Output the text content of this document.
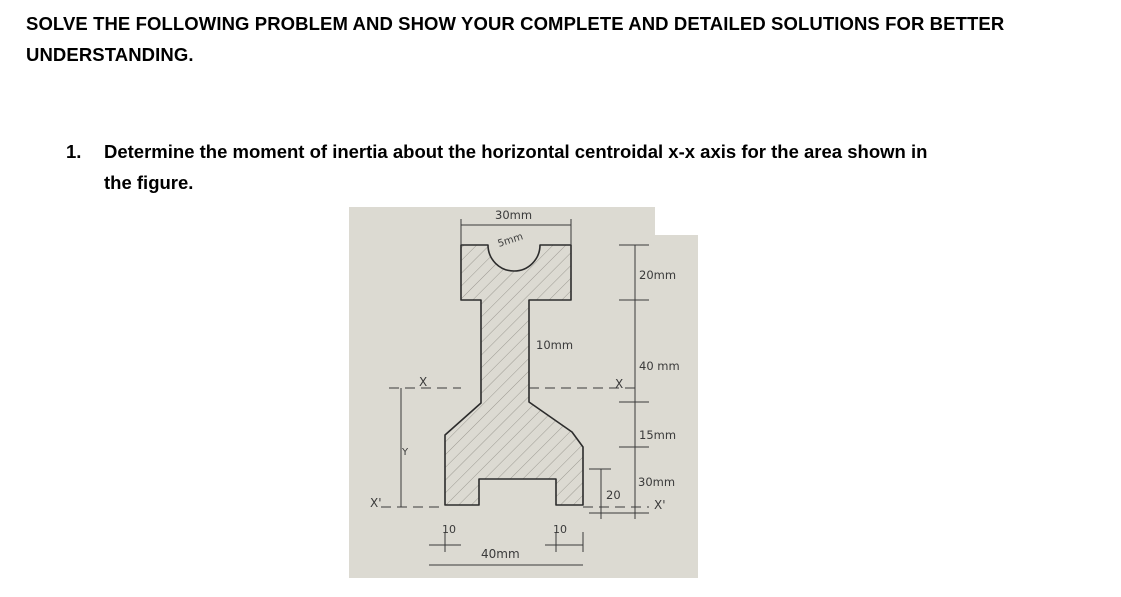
SOLVE THE FOLLOWING PROBLEM AND SHOW YOUR COMPLETE AND DETAILED SOLUTIONS FOR BETTER
UNDERSTANDING.
1. Determine the moment of inertia about the horizontal centroidal x-x axis for the area shown in
the figure.
30mm
5mm
20mm
10mm
40 mm
15mm
30mm
20
10	10
40mm
X	X
X'	X'
Y
